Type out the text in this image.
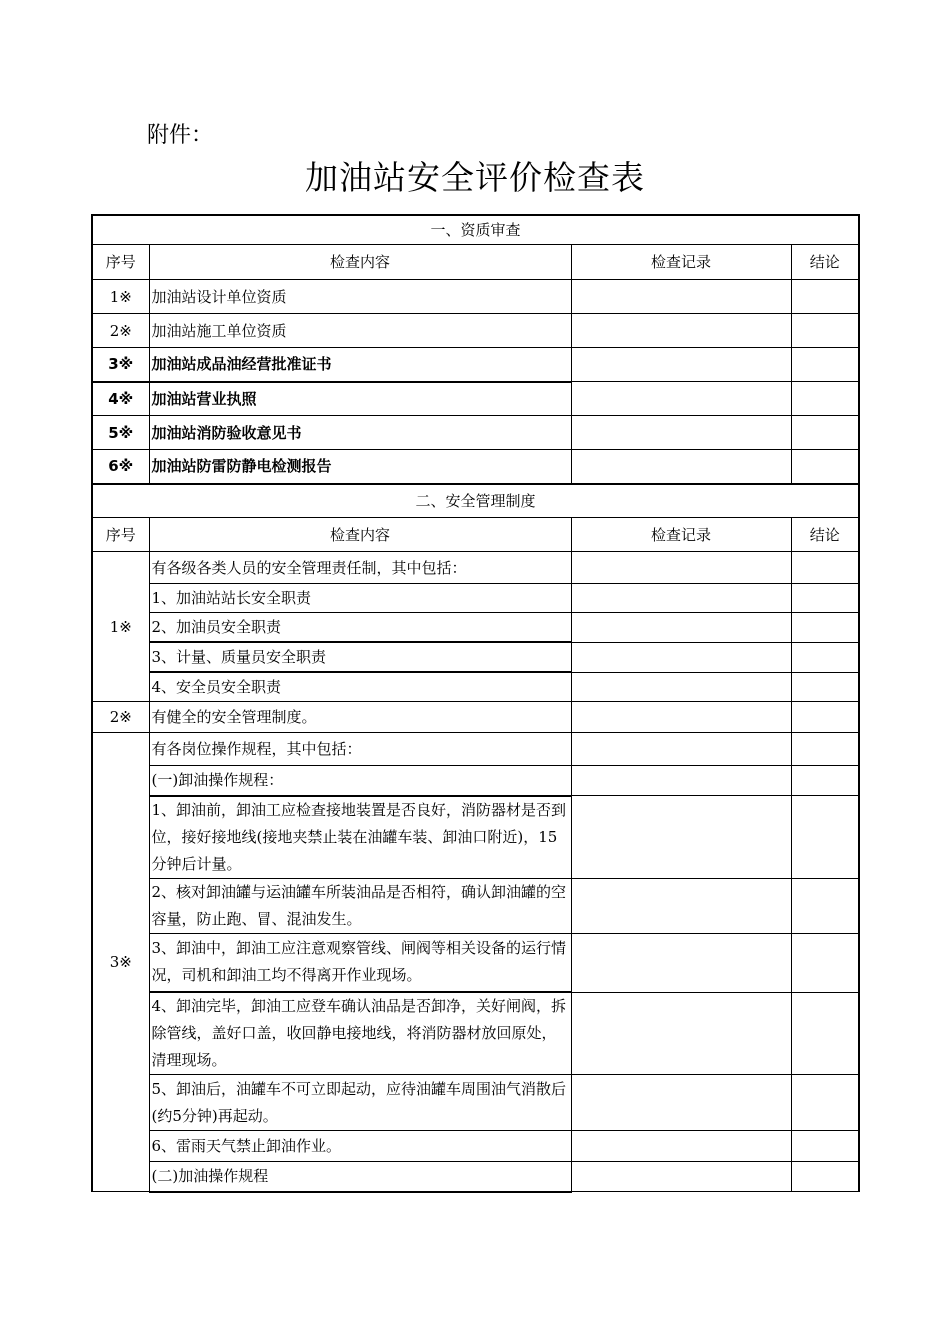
附件：
加油站安全评价检查表
一、资质审查			
序号	检查内容	检查记录	结论
1※	加油站设计单位资质		
2※	加油站施工单位资质		
3※	加油站成品油经营批准证书		
4※	加油站营业执照		
5※	加油站消防验收意见书		
6※	加油站防雷防静电检测报告		
二、安全管理制度			
序号	检查内容	检查记录	结论
1※	有各级各类人员的安全管理责任制，其中包括：		
	1、加油站站长安全职责		
	2、加油员安全职责		
	3、计量、质量员安全职责		
	4、安全员安全职责		
2※	有健全的安全管理制度。		
3※	有各岗位操作规程，其中包括：		
	(一)卸油操作规程：		
	1、卸油前，卸油工应检查接地装置是否良好，消防器材是否到位，接好接地线(接地夹禁止装在油罐车装、卸油口附近)，15分钟后计量。		
	2、核对卸油罐与运油罐车所装油品是否相符，确认卸油罐的空容量，防止跑、冒、混油发生。		
	3、卸油中，卸油工应注意观察管线、闸阀等相关设备的运行情况，司机和卸油工均不得离开作业现场。		
	4、卸油完毕，卸油工应登车确认油品是否卸净，关好闸阀，拆除管线，盖好口盖，收回静电接地线，将消防器材放回原处，清理现场。		
	5、卸油后，油罐车不可立即起动，应待油罐车周围油气消散后(约5分钟)再起动。		
	6、雷雨天气禁止卸油作业。		
	(二)加油操作规程		
